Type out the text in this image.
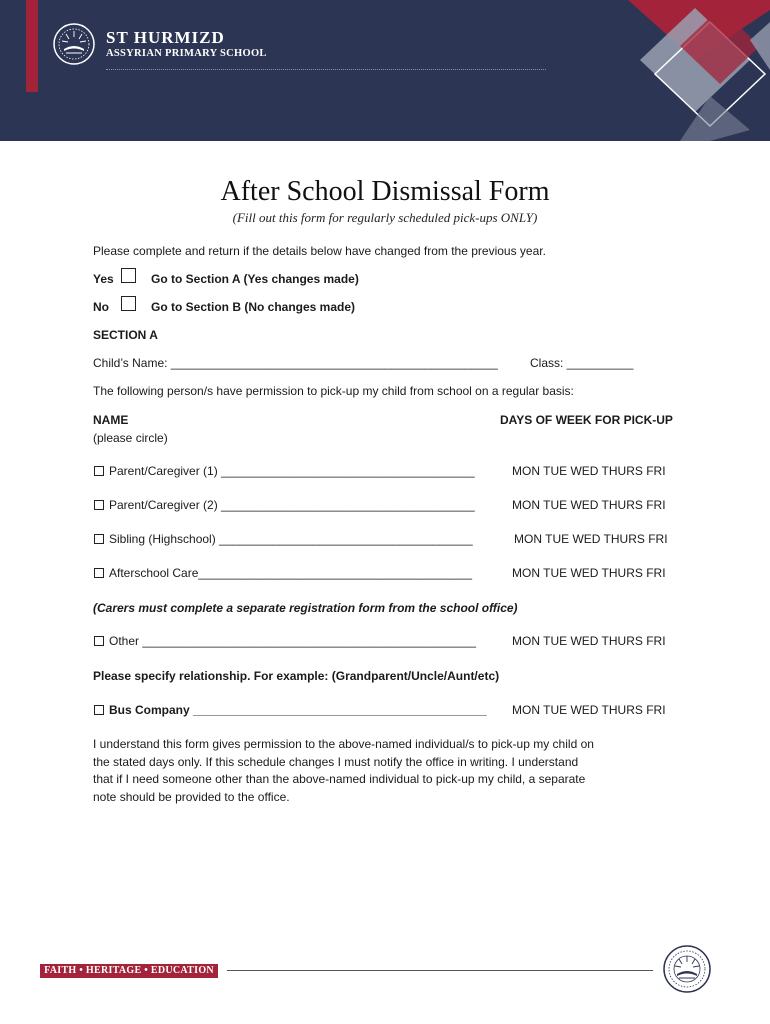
ST HURMIZD
ASSYRIAN PRIMARY SCHOOL
After School Dismissal Form
(Fill out this form for regularly scheduled pick-ups ONLY)
Please complete and return if the details below have changed from the previous year.
Yes	Go to Section A (Yes changes made)
No	Go to Section B (No changes made)
SECTION A
Child’s Name: _________________________________________________	Class: __________
The following person/s have permission to pick-up my child from school on a regular basis:
NAME
(please circle)
DAYS OF WEEK FOR PICK-UP
Parent/Caregiver (1) ______________________________________	MON TUE WED THURS FRI
Parent/Caregiver (2) ______________________________________	MON TUE WED THURS FRI
Sibling (Highschool) ______________________________________	MON TUE WED THURS FRI
Afterschool Care_________________________________________	MON TUE WED THURS FRI
(Carers must complete a separate registration form from the school office)
Other __________________________________________________	MON TUE WED THURS FRI
Please specify relationship. For example: (Grandparent/Uncle/Aunt/etc)
Bus Company ____________________________________________ MON TUE WED THURS FRI
I understand this form gives permission to the above-named individual/s to pick-up my child on
the stated days only. If this schedule changes I must notify the office in writing. I understand
that if I need someone other than the above-named individual to pick-up my child, a separate
note should be provided to the office.
FAITH • HERITAGE • EDUCATION
